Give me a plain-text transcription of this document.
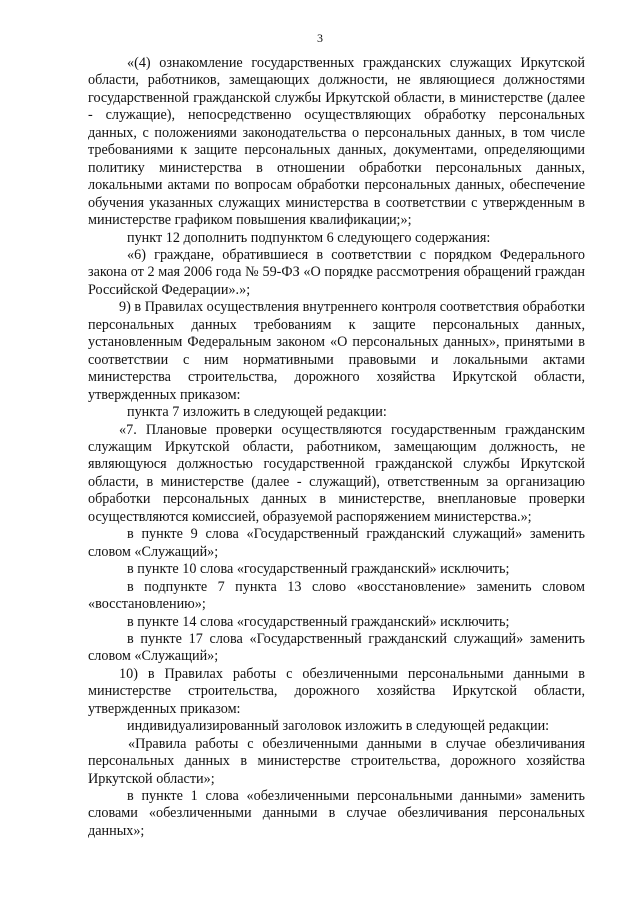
3

«(4) ознакомление государственных гражданских служащих Иркутской области, работников, замещающих должности, не являющиеся должностями государственной гражданской службы Иркутской области, в министерстве (далее - служащие), непосредственно осуществляющих обработку персональных данных, с положениями законодательства о персональных данных, в том числе требованиями к защите персональных данных, документами, определяющими политику министерства в отношении обработки персональных данных, локальными актами по вопросам обработки персональных данных, обеспечение обучения указанных служащих министерства в соответствии с утвержденным в министерстве графиком повышения квалификации;»;

пункт 12 дополнить подпунктом 6 следующего содержания:

«6) граждане, обратившиеся в соответствии с порядком Федерального закона от 2 мая 2006 года № 59-ФЗ «О порядке рассмотрения обращений граждан Российской Федерации».»;

9) в Правилах осуществления внутреннего контроля соответствия обработки персональных данных требованиям к защите персональных данных, установленным Федеральным законом «О персональных данных», принятыми в соответствии с ним нормативными правовыми и локальными актами министерства строительства, дорожного хозяйства Иркутской области, утвержденных приказом:

пункта 7 изложить в следующей редакции:

«7. Плановые проверки осуществляются государственным гражданским служащим Иркутской области, работником, замещающим должность, не являющуюся должностью государственной гражданской службы Иркутской области, в министерстве (далее - служащий), ответственным за организацию обработки персональных данных в министерстве, внеплановые проверки осуществляются комиссией, образуемой распоряжением министерства.»;

в пункте 9 слова «Государственный гражданский служащий» заменить словом «Служащий»;

в пункте 10 слова «государственный гражданский» исключить;

в подпункте 7 пункта 13 слово «восстановление» заменить словом «восстановлению»;

в пункте 14 слова «государственный гражданский» исключить;

в пункте 17 слова «Государственный гражданский служащий» заменить словом «Служащий»;

10) в Правилах работы с обезличенными персональными данными в министерстве строительства, дорожного хозяйства Иркутской области, утвержденных приказом:

индивидуализированный заголовок изложить в следующей редакции:

«Правила работы с обезличенными данными в случае обезличивания персональных данных в министерстве строительства, дорожного хозяйства Иркутской области»;

в пункте 1 слова «обезличенными персональными данными» заменить словами «обезличенными данными в случае обезличивания персональных данных»;
